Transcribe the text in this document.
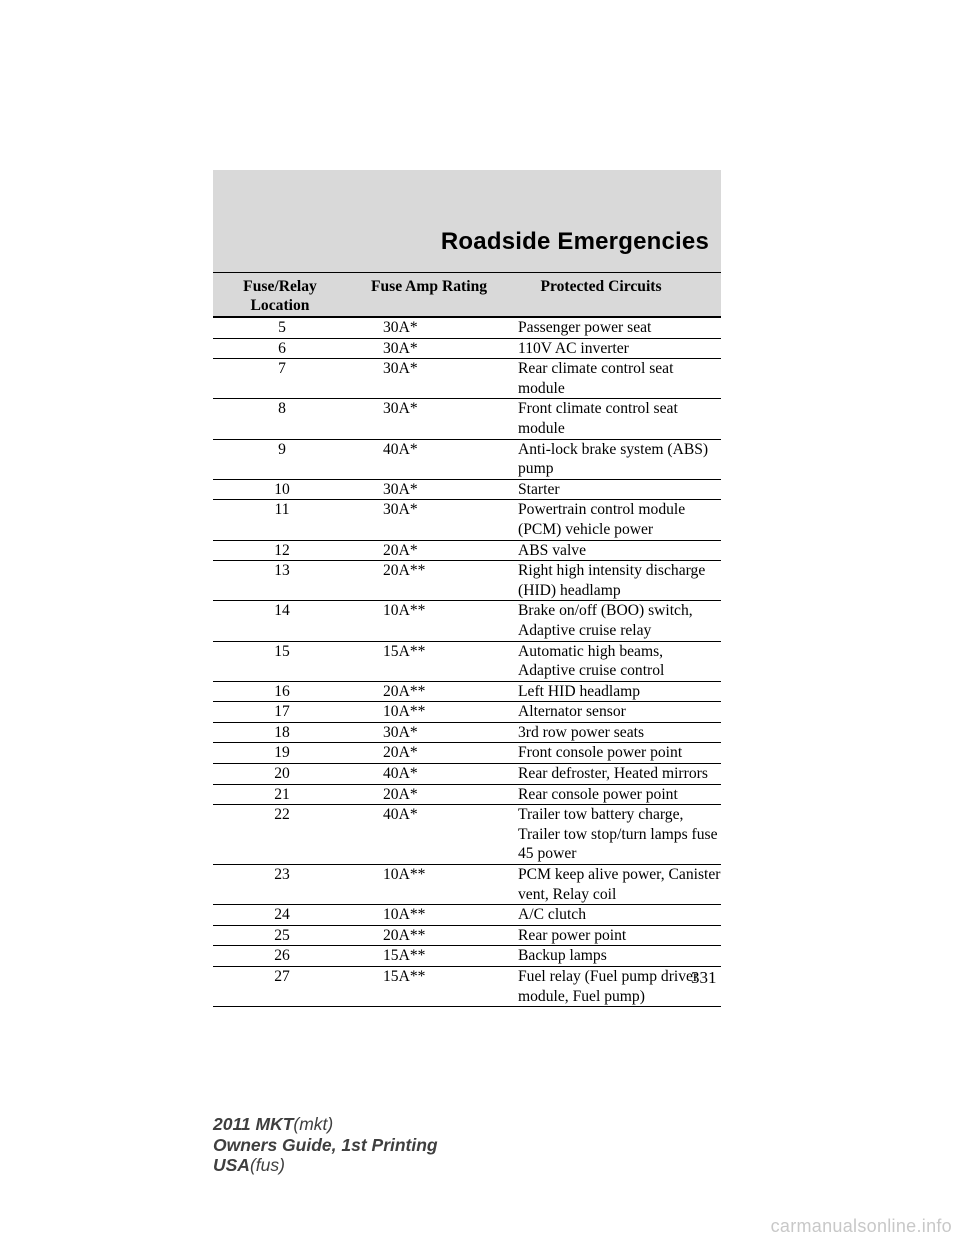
Roadside Emergencies
Fuse/Relay Location	Fuse Amp Rating	Protected Circuits
5	30A*	Passenger power seat
6	30A*	110V AC inverter
7	30A*	Rear climate control seat module
8	30A*	Front climate control seat module
9	40A*	Anti-lock brake system (ABS) pump
10	30A*	Starter
11	30A*	Powertrain control module (PCM) vehicle power
12	20A*	ABS valve
13	20A**	Right high intensity discharge (HID) headlamp
14	10A**	Brake on/off (BOO) switch, Adaptive cruise relay
15	15A**	Automatic high beams, Adaptive cruise control
16	20A**	Left HID headlamp
17	10A**	Alternator sensor
18	30A*	3rd row power seats
19	20A*	Front console power point
20	40A*	Rear defroster, Heated mirrors
21	20A*	Rear console power point
22	40A*	Trailer tow battery charge, Trailer tow stop/turn lamps fuse 45 power
23	10A**	PCM keep alive power, Canister vent, Relay coil
24	10A**	A/C clutch
25	20A**	Rear power point
26	15A**	Backup lamps
27	15A**	Fuel relay (Fuel pump driver module, Fuel pump)
331
2011 MKT(mkt)
Owners Guide, 1st Printing
USA(fus)
carmanualsonline.info
